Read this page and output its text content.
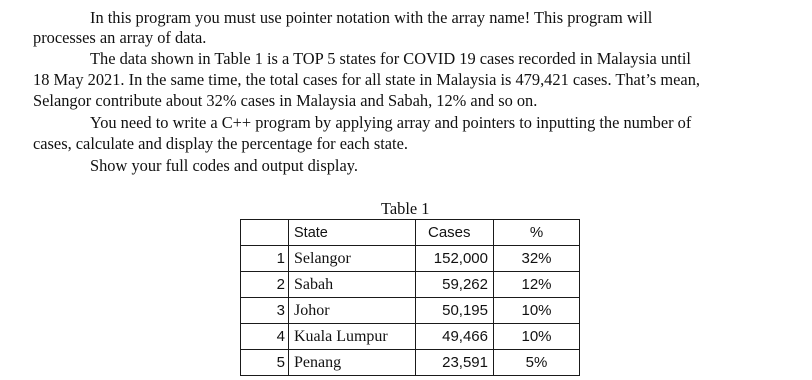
In this program you must use pointer notation with the array name! This program will
processes an array of data.
The data shown in Table 1 is a TOP 5 states for COVID 19 cases recorded in Malaysia until
18 May 2021. In the same time, the total cases for all state in Malaysia is 479,421 cases. That’s mean,
Selangor contribute about 32% cases in Malaysia and Sabah, 12% and so on.
You need to write a C++ program by applying array and pointers to inputting the number of
cases, calculate and display the percentage for each state.
Show your full codes and output display.
Table 1
	State	Cases	%
1	Selangor	152,000	32%
2	Sabah	59,262	12%
3	Johor	50,195	10%
4	Kuala Lumpur	49,466	10%
5	Penang	23,591	5%
